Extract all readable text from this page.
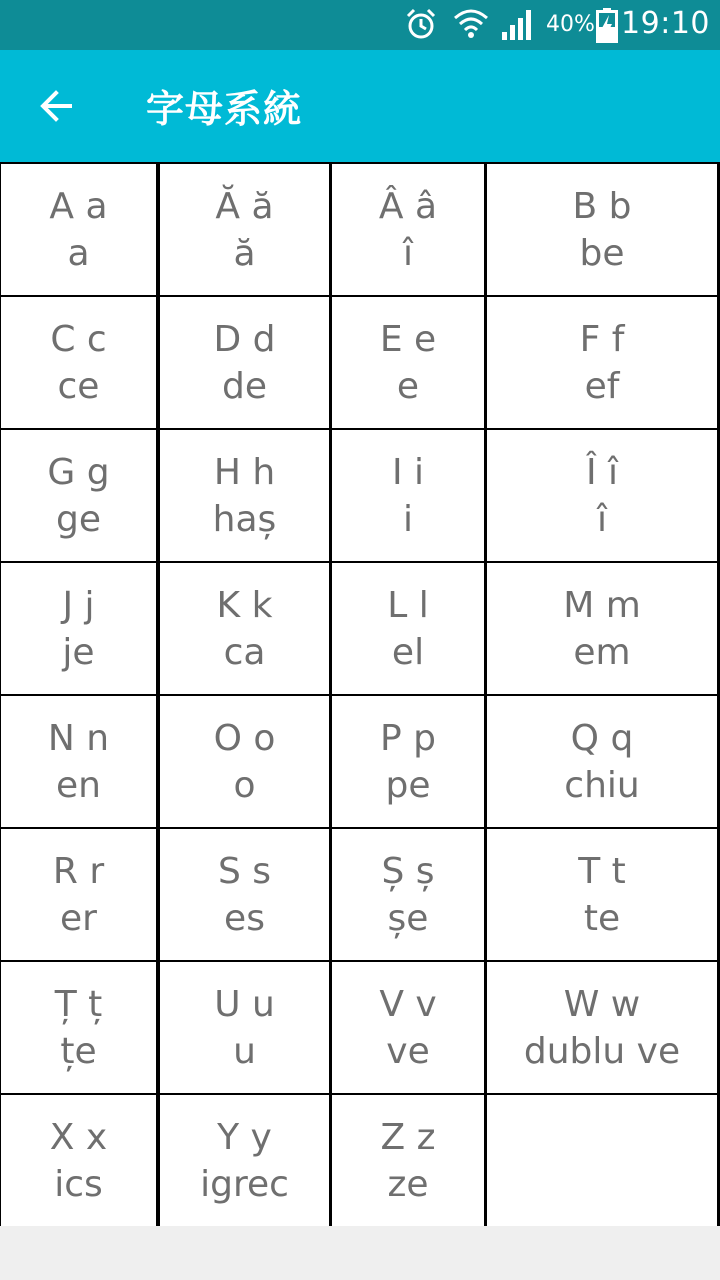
40% 19:10
字母系統
A a
a
Ă ă
ă
Â â
î
B b
be
C c
ce
D d
de
E e
e
F f
ef
G g
ge
H h
haș
I i
i
Î î
î
J j
je
K k
ca
L l
el
M m
em
N n
en
O o
o
P p
pe
Q q
chiu
R r
er
S s
es
Ș ș
șe
T t
te
Ț ț
țe
U u
u
V v
ve
W w
dublu ve
X x
ics
Y y
igrec
Z z
ze
